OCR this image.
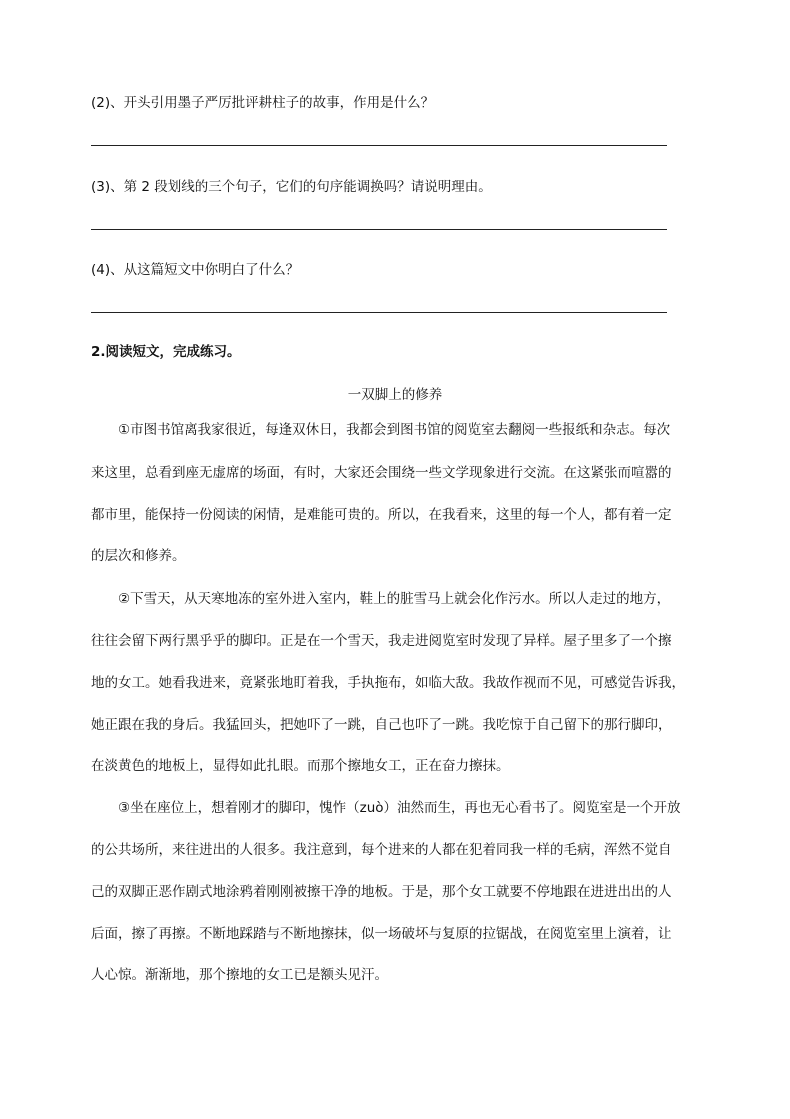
(2)、开头引用墨子严厉批评耕柱子的故事，作用是什么？
(3)、第 2 段划线的三个句子，它们的句序能调换吗？请说明理由。
(4)、从这篇短文中你明白了什么？
2.阅读短文，完成练习。
一双脚上的修养
①市图书馆离我家很近，每逢双休日，我都会到图书馆的阅览室去翻阅一些报纸和杂志。每次
来这里，总看到座无虚席的场面，有时，大家还会围绕一些文学现象进行交流。在这紧张而喧嚣的
都市里，能保持一份阅读的闲情，是难能可贵的。所以，在我看来，这里的每一个人，都有着一定
的层次和修养。
②下雪天，从天寒地冻的室外进入室内，鞋上的脏雪马上就会化作污水。所以人走过的地方，
往往会留下两行黑乎乎的脚印。正是在一个雪天，我走进阅览室时发现了异样。屋子里多了一个擦
地的女工。她看我进来，竟紧张地盯着我，手执拖布，如临大敌。我故作视而不见，可感觉告诉我，
她正跟在我的身后。我猛回头，把她吓了一跳，自己也吓了一跳。我吃惊于自己留下的那行脚印，
在淡黄色的地板上，显得如此扎眼。而那个擦地女工，正在奋力擦抹。
③坐在座位上，想着刚才的脚印，愧怍（zuò）油然而生，再也无心看书了。阅览室是一个开放
的公共场所，来往进出的人很多。我注意到，每个进来的人都在犯着同我一样的毛病，浑然不觉自
己的双脚正恶作剧式地涂鸦着刚刚被擦干净的地板。于是，那个女工就要不停地跟在进进出出的人
后面，擦了再擦。不断地踩踏与不断地擦抹，似一场破坏与复原的拉锯战，在阅览室里上演着，让
人心惊。渐渐地，那个擦地的女工已是额头见汗。
